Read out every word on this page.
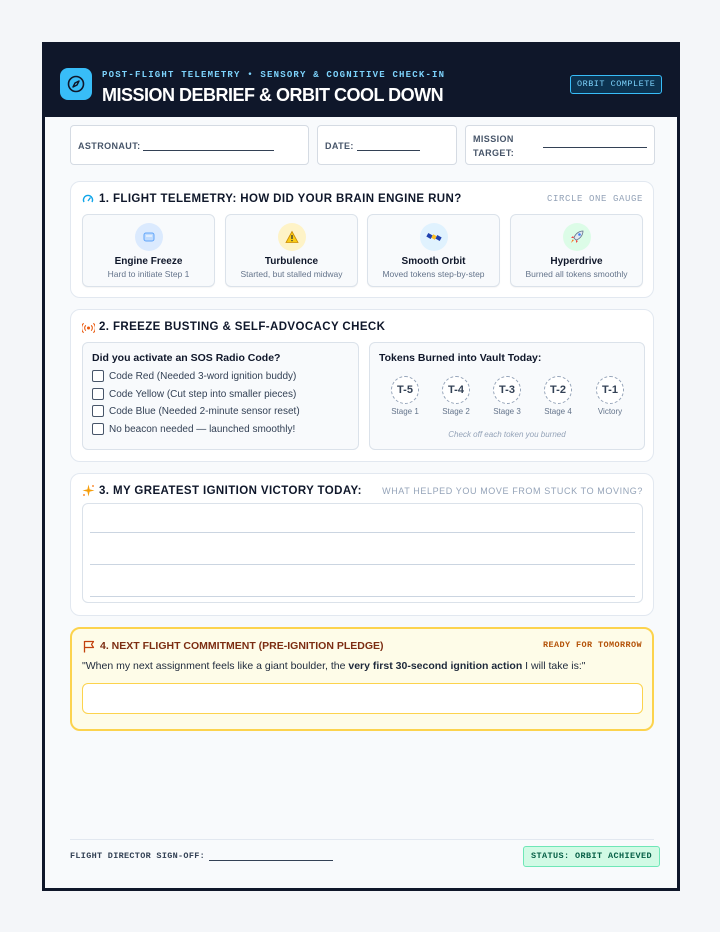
POST-FLIGHT TELEMETRY • SENSORY & COGNITIVE CHECK-IN
MISSION DEBRIEF & ORBIT COOL DOWN
ORBIT COMPLETE
ASTRONAUT:	DATE:
MISSION
TARGET:
1. FLIGHT TELEMETRY: HOW DID YOUR BRAIN ENGINE RUN?	CIRCLE ONE GAUGE
Engine Freeze
Hard to initiate Step 1
Turbulence
Started, but stalled midway
Smooth Orbit
Moved tokens step-by-step
Hyperdrive
Burned all tokens smoothly
2. FREEZE BUSTING & SELF-ADVOCACY CHECK
Did you activate an SOS Radio Code?
Code Red (Needed 3-word ignition buddy)
Code Yellow (Cut step into smaller pieces)
Code Blue (Needed 2-minute sensor reset)
No beacon needed — launched smoothly!
Tokens Burned into Vault Today:
T-5
Stage 1
T-4
Stage 2
T-3
Stage 3
T-2
Stage 4
T-1
Victory
Check off each token you burned
3. MY GREATEST IGNITION VICTORY TODAY: WHAT HELPED YOU MOVE FROM STUCK TO MOVING?
4. NEXT FLIGHT COMMITMENT (PRE-IGNITION PLEDGE)	READY FOR TOMORROW
"When my next assignment feels like a giant boulder, the very first 30-second ignition action I will take is:"
FLIGHT DIRECTOR SIGN-OFF:	STATUS: ORBIT ACHIEVED
